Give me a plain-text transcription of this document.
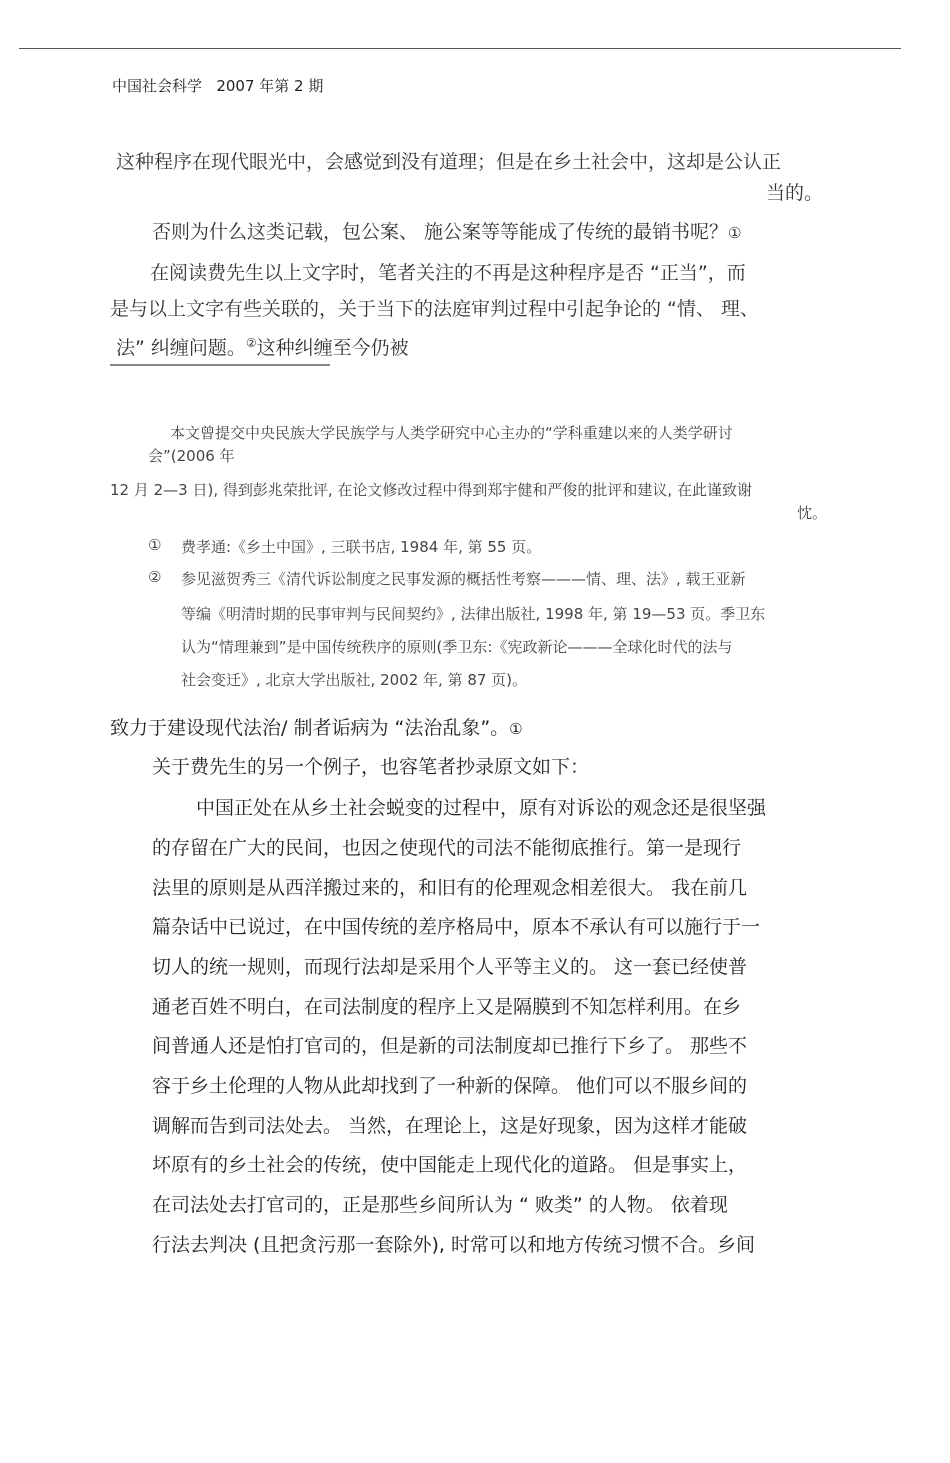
中国社会科学 2007 年第 2 期
这种程序在现代眼光中，会感觉到没有道理；但是在乡土社会中，这却是公认正
当的。
否则为什么这类记载，包公案、 施公案等等能成了传统的最销书呢？①
在阅读费先生以上文字时，笔者关注的不再是这种程序是否 “正当”，而
是与以上文字有些关联的，关于当下的法庭审判过程中引起争论的 “情、 理、
法” 纠缠问题。②这种纠缠至今仍被
本文曾提交中央民族大学民族学与人类学研究中心主办的“学科重建以来的人类学研讨
会”(2006 年
12 月 2—3 日), 得到彭兆荣批评, 在论文修改过程中得到郑宇健和严俊的批评和建议, 在此谨致谢
忱。
① 费孝通:《乡土中国》, 三联书店, 1984 年, 第 55 页。
② 参见滋贺秀三《清代诉讼制度之民事发源的概括性考察———情、理、法》, 载王亚新
等编《明清时期的民事审判与民间契约》, 法律出版社, 1998 年, 第 19—53 页。季卫东
认为“情理兼到”是中国传统秩序的原则(季卫东:《宪政新论———全球化时代的法与
社会变迁》, 北京大学出版社, 2002 年, 第 87 页)。
致力于建设现代法治/ 制者诟病为 “法治乱象”。①
关于费先生的另一个例子，也容笔者抄录原文如下：
中国正处在从乡土社会蜕变的过程中，原有对诉讼的观念还是很坚强
的存留在广大的民间，也因之使现代的司法不能彻底推行。第一是现行
法里的原则是从西洋搬过来的，和旧有的伦理观念相差很大。 我在前几
篇杂话中已说过，在中国传统的差序格局中，原本不承认有可以施行于一
切人的统一规则，而现行法却是采用个人平等主义的。 这一套已经使普
通老百姓不明白，在司法制度的程序上又是隔膜到不知怎样利用。在乡
间普通人还是怕打官司的，但是新的司法制度却已推行下乡了。 那些不
容于乡土伦理的人物从此却找到了一种新的保障。 他们可以不服乡间的
调解而告到司法处去。 当然，在理论上，这是好现象，因为这样才能破
坏原有的乡土社会的传统，使中国能走上现代化的道路。 但是事实上，
在司法处去打官司的，正是那些乡间所认为 “ 败类” 的人物。 依着现
行法去判决 (且把贪污那一套除外), 时常可以和地方传统习惯不合。乡间
